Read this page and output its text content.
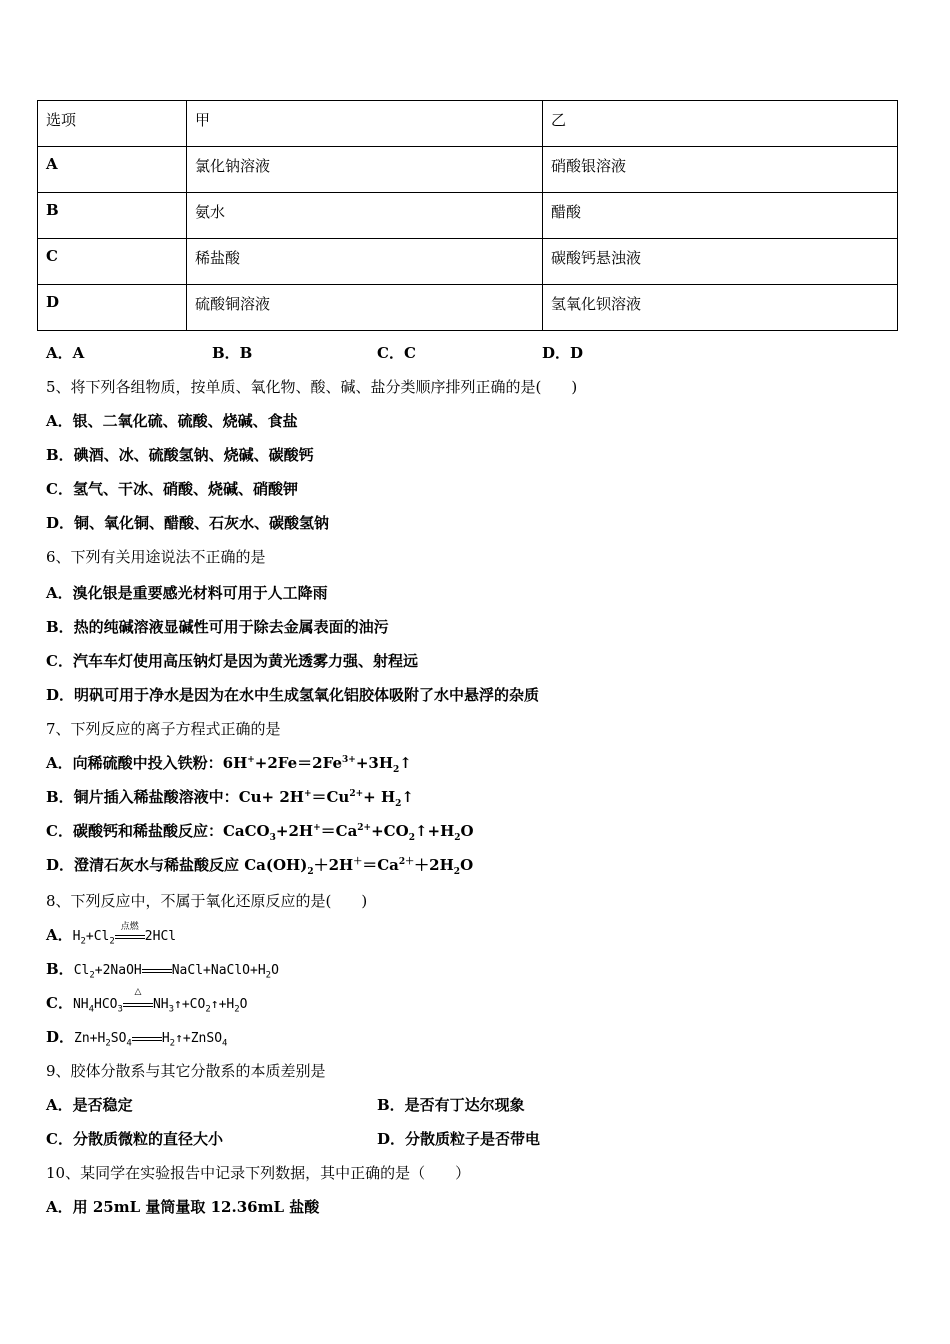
选项	甲	乙
A	氯化钠溶液	硝酸银溶液
B	氨水	醋酸
C	稀盐酸	碳酸钙悬浊液
D	硫酸铜溶液	氢氧化钡溶液
A．A	B．B	C．C	D．D
5、将下列各组物质，按单质、氧化物、酸、碱、盐分类顺序排列正确的是(　　)
A．银、二氧化硫、硫酸、烧碱、食盐
B．碘酒、冰、硫酸氢钠、烧碱、碳酸钙
C．氢气、干冰、硝酸、烧碱、硝酸钾
D．铜、氧化铜、醋酸、石灰水、碳酸氢钠
6、下列有关用途说法不正确的是
A．溴化银是重要感光材料可用于人工降雨
B．热的纯碱溶液显碱性可用于除去金属表面的油污
C．汽车车灯使用高压钠灯是因为黄光透雾力强、射程远
D．明矾可用于净水是因为在水中生成氢氧化铝胶体吸附了水中悬浮的杂质
7、下列反应的离子方程式正确的是
A．向稀硫酸中投入铁粉：$6H^++2Fe=2Fe^{3+}+3H_2↑$
B．铜片插入稀盐酸溶液中：$Cu+ 2H^+=Cu^{2+}+$ $H_2↑$
C．碳酸钙和稀盐酸反应：$CaCO_3+2H^+=Ca^{2+}+CO_2↑+H_2O$
D．澄清石灰水与稀盐酸反应 $Ca(OH)_2+2H^+=Ca^{2+}+2H_2O$
8、下列反应中，不属于氧化还原反应的是(　　)
A．$H_2+Cl_2$
点燃
2HCl
B．$Cl_2+2NaOH$ $NaCl+NaClO+H_2O$
C．$NH_4HCO_3$
△
$NH_3↑+CO_2↑+H_2O$
D．$Zn+H_2SO_4$ $H_2↑+ZnSO_4$
9、胶体分散系与其它分散系的本质差别是
A．是否稳定	B．是否有丁达尔现象
C．分散质微粒的直径大小	D．分散质粒子是否带电
10、某同学在实验报告中记录下列数据，其中正确的是（　　）
A．用 25mL 量筒量取 12.36mL 盐酸
